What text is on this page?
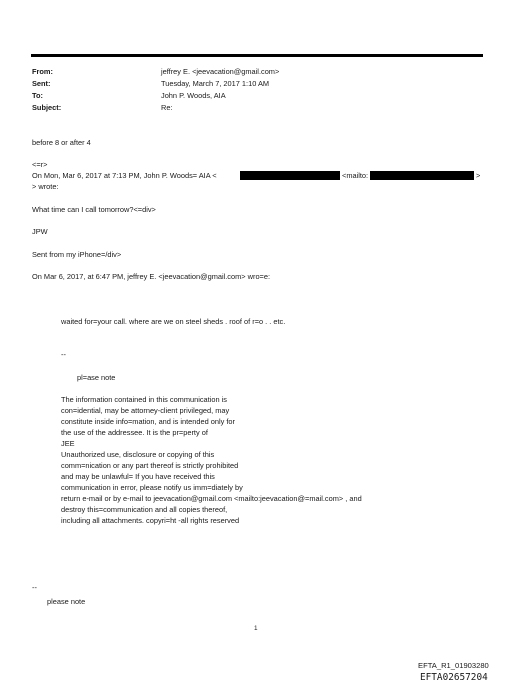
From:	jeffrey E. <jeevacation@gmail.com>
Sent:	Tuesday, March 7, 2017 1:10 AM
To:	John P. Woods, AIA
Subject:	Re:
before 8 or after 4
<=r>
On Mon, Mar 6, 2017 at 7:13 PM, John P. Woods= AIA <	<mailto:	>
> wrote:
What time can I call tomorrow?<=div>
JPW
Sent from my iPhone=/div>
On Mar 6, 2017, at 6:47 PM, jeffrey E. <jeevacation@gmail.com> wro=e:
waited for=your call. where are we on steel sheds . roof of r=o . . etc.
--
pl=ase note
The information contained in this communication is
con=idential, may be attorney-client privileged, may
constitute inside info=mation, and is intended only for
the use of the addressee. It is the pr=perty of
JEE
Unauthorized use, disclosure or copying of this
comm=nication or any part thereof is strictly prohibited
and may be unlawful= If you have received this
communication in error, please notify us imm=diately by
return e-mail or by e-mail to jeevacation@gmail.com <mailto:jeevacation@=mail.com> , and
destroy this=communication and all copies thereof,
including all attachments. copyri=ht -all rights reserved
--
please note
1
EFTA_R1_01903280
EFTA02657204
